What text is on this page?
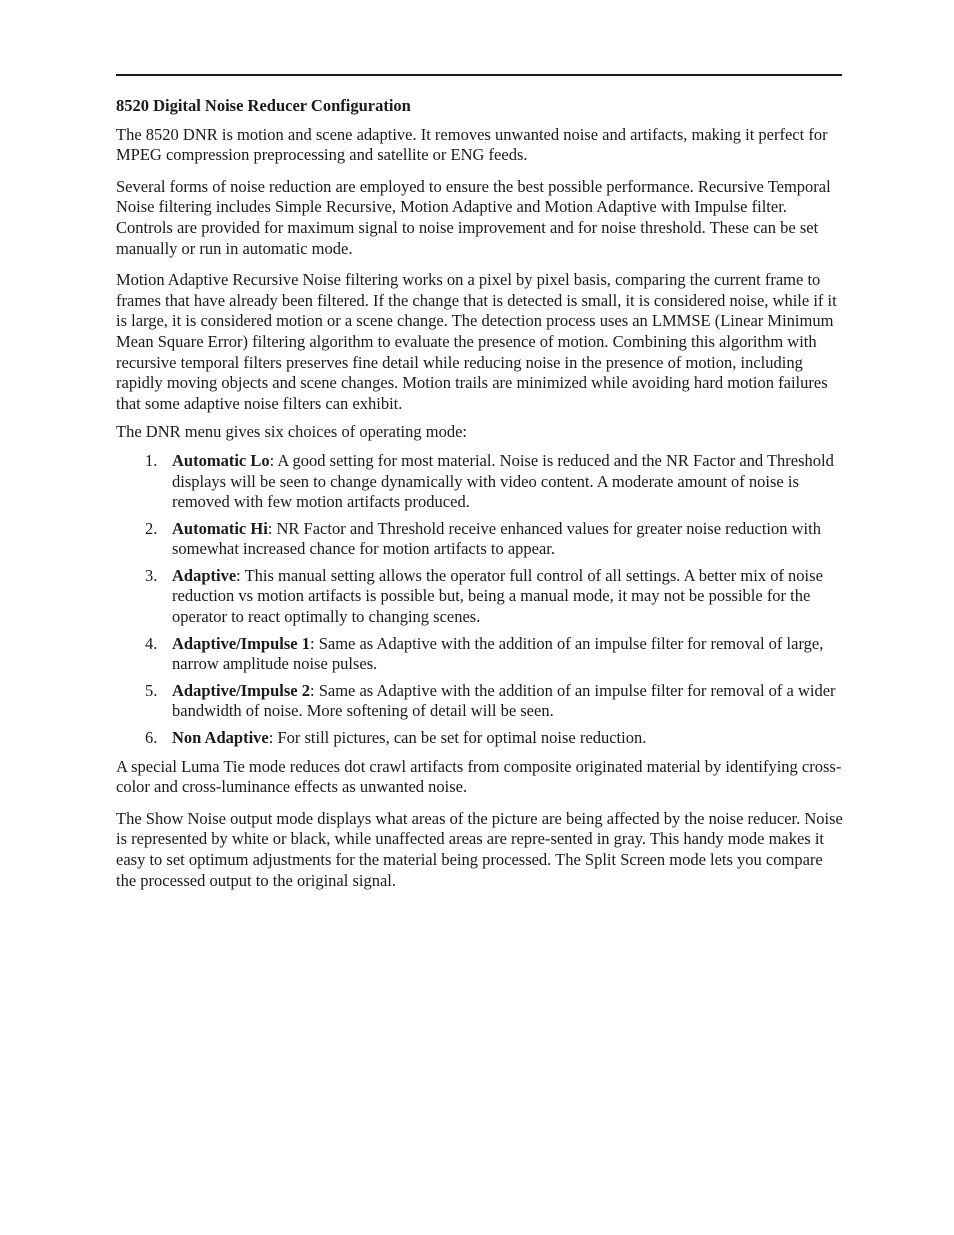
8520 Digital Noise Reducer Configuration

The 8520 DNR is motion and scene adaptive. It removes unwanted noise and artifacts, making it perfect for MPEG compression preprocessing and satellite or ENG feeds.

Several forms of noise reduction are employed to ensure the best possible performance. Recursive Temporal Noise filtering includes Simple Recursive, Motion Adaptive and Motion Adaptive with Impulse filter. Controls are provided for maximum signal to noise improvement and for noise threshold. These can be set manually or run in automatic mode.

Motion Adaptive Recursive Noise filtering works on a pixel by pixel basis, comparing the current frame to frames that have already been filtered. If the change that is detected is small, it is considered noise, while if it is large, it is considered motion or a scene change. The detection process uses an LMMSE (Linear Minimum Mean Square Error) filtering algorithm to evaluate the presence of motion. Combining this algorithm with recursive temporal filters preserves fine detail while reducing noise in the presence of motion, including rapidly moving objects and scene changes. Motion trails are minimized while avoiding hard motion failures that some adaptive noise filters can exhibit.

The DNR menu gives six choices of operating mode:

1. Automatic Lo: A good setting for most material. Noise is reduced and the NR Factor and Threshold displays will be seen to change dynamically with video content. A moderate amount of noise is removed with few motion artifacts produced.
2. Automatic Hi: NR Factor and Threshold receive enhanced values for greater noise reduction with somewhat increased chance for motion artifacts to appear.
3. Adaptive: This manual setting allows the operator full control of all settings. A better mix of noise reduction vs motion artifacts is possible but, being a manual mode, it may not be possible for the operator to react optimally to changing scenes.
4. Adaptive/Impulse 1: Same as Adaptive with the addition of an impulse filter for removal of large, narrow amplitude noise pulses.
5. Adaptive/Impulse 2: Same as Adaptive with the addition of an impulse filter for removal of a wider bandwidth of noise. More softening of detail will be seen.
6. Non Adaptive: For still pictures, can be set for optimal noise reduction.

A special Luma Tie mode reduces dot crawl artifacts from composite originated material by identifying cross-color and cross-luminance effects as unwanted noise.

The Show Noise output mode displays what areas of the picture are being affected by the noise reducer. Noise is represented by white or black, while unaffected areas are repre-sented in gray. This handy mode makes it easy to set optimum adjustments for the material being processed. The Split Screen mode lets you compare the processed output to the original signal.
